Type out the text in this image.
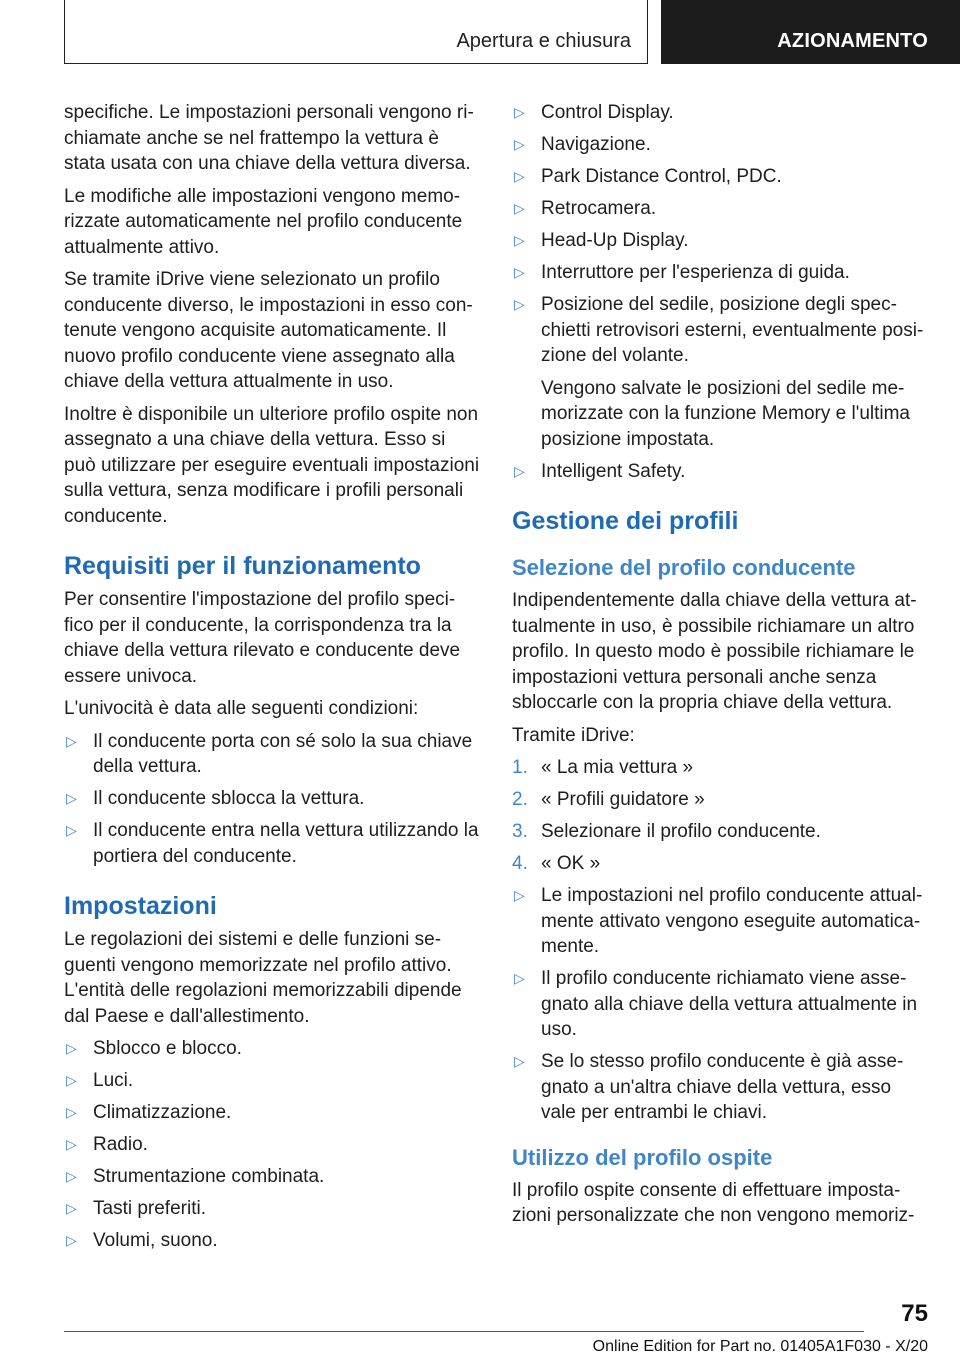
Apertura e chiusura	AZIONAMENTO

specifiche. Le impostazioni personali vengono ri-chiamate anche se nel frattempo la vettura è stata usata con una chiave della vettura diversa.

Le modifiche alle impostazioni vengono memo-rizzate automaticamente nel profilo conducente attualmente attivo.

Se tramite iDrive viene selezionato un profilo conducente diverso, le impostazioni in esso con-tenute vengono acquisite automaticamente. Il nuovo profilo conducente viene assegnato alla chiave della vettura attualmente in uso.

Inoltre è disponibile un ulteriore profilo ospite non assegnato a una chiave della vettura. Esso si può utilizzare per eseguire eventuali impostazioni sulla vettura, senza modificare i profili personali conducente.

Requisiti per il funzionamento

Per consentire l'impostazione del profilo speci-fico per il conducente, la corrispondenza tra la chiave della vettura rilevato e conducente deve essere univoca.

L'univocità è data alle seguenti condizioni:

▷ Il conducente porta con sé solo la sua chiave della vettura.
▷ Il conducente sblocca la vettura.
▷ Il conducente entra nella vettura utilizzando la portiera del conducente.
Impostazioni

Le regolazioni dei sistemi e delle funzioni se-guenti vengono memorizzate nel profilo attivo. L'entità delle regolazioni memorizzabili dipende dal Paese e dall'allestimento.

▷ Sblocco e blocco.
▷ Luci.
▷ Climatizzazione.
▷ Radio.
▷ Strumentazione combinata.
▷ Tasti preferiti.
▷ Volumi, suono.
▷ Control Display.
▷ Navigazione.
▷ Park Distance Control, PDC.
▷ Retrocamera.
▷ Head-Up Display.
▷ Interruttore per l'esperienza di guida.
▷ Posizione del sedile, posizione degli spec-chietti retrovisori esterni, eventualmente posi-zione del volante.
Vengono salvate le posizioni del sedile me-morizzate con la funzione Memory e l'ultima posizione impostata.
▷ Intelligent Safety.
Gestione dei profili
Selezione del profilo conducente

Indipendentemente dalla chiave della vettura at-tualmente in uso, è possibile richiamare un altro profilo. In questo modo è possibile richiamare le impostazioni vettura personali anche senza sbloccarle con la propria chiave della vettura.

Tramite iDrive:

1. « La mia vettura »
2. « Profili guidatore »
3. Selezionare il profilo conducente.
4. « OK »
▷ Le impostazioni nel profilo conducente attual-mente attivato vengono eseguite automatica-mente.
▷ Il profilo conducente richiamato viene asse-gnato alla chiave della vettura attualmente in uso.
▷ Se lo stesso profilo conducente è già asse-gnato a un'altra chiave della vettura, esso vale per entrambi le chiavi.
Utilizzo del profilo ospite

Il profilo ospite consente di effettuare imposta-zioni personalizzate che non vengono memoriz-

75
Online Edition for Part no. 01405A1F030 - X/20
